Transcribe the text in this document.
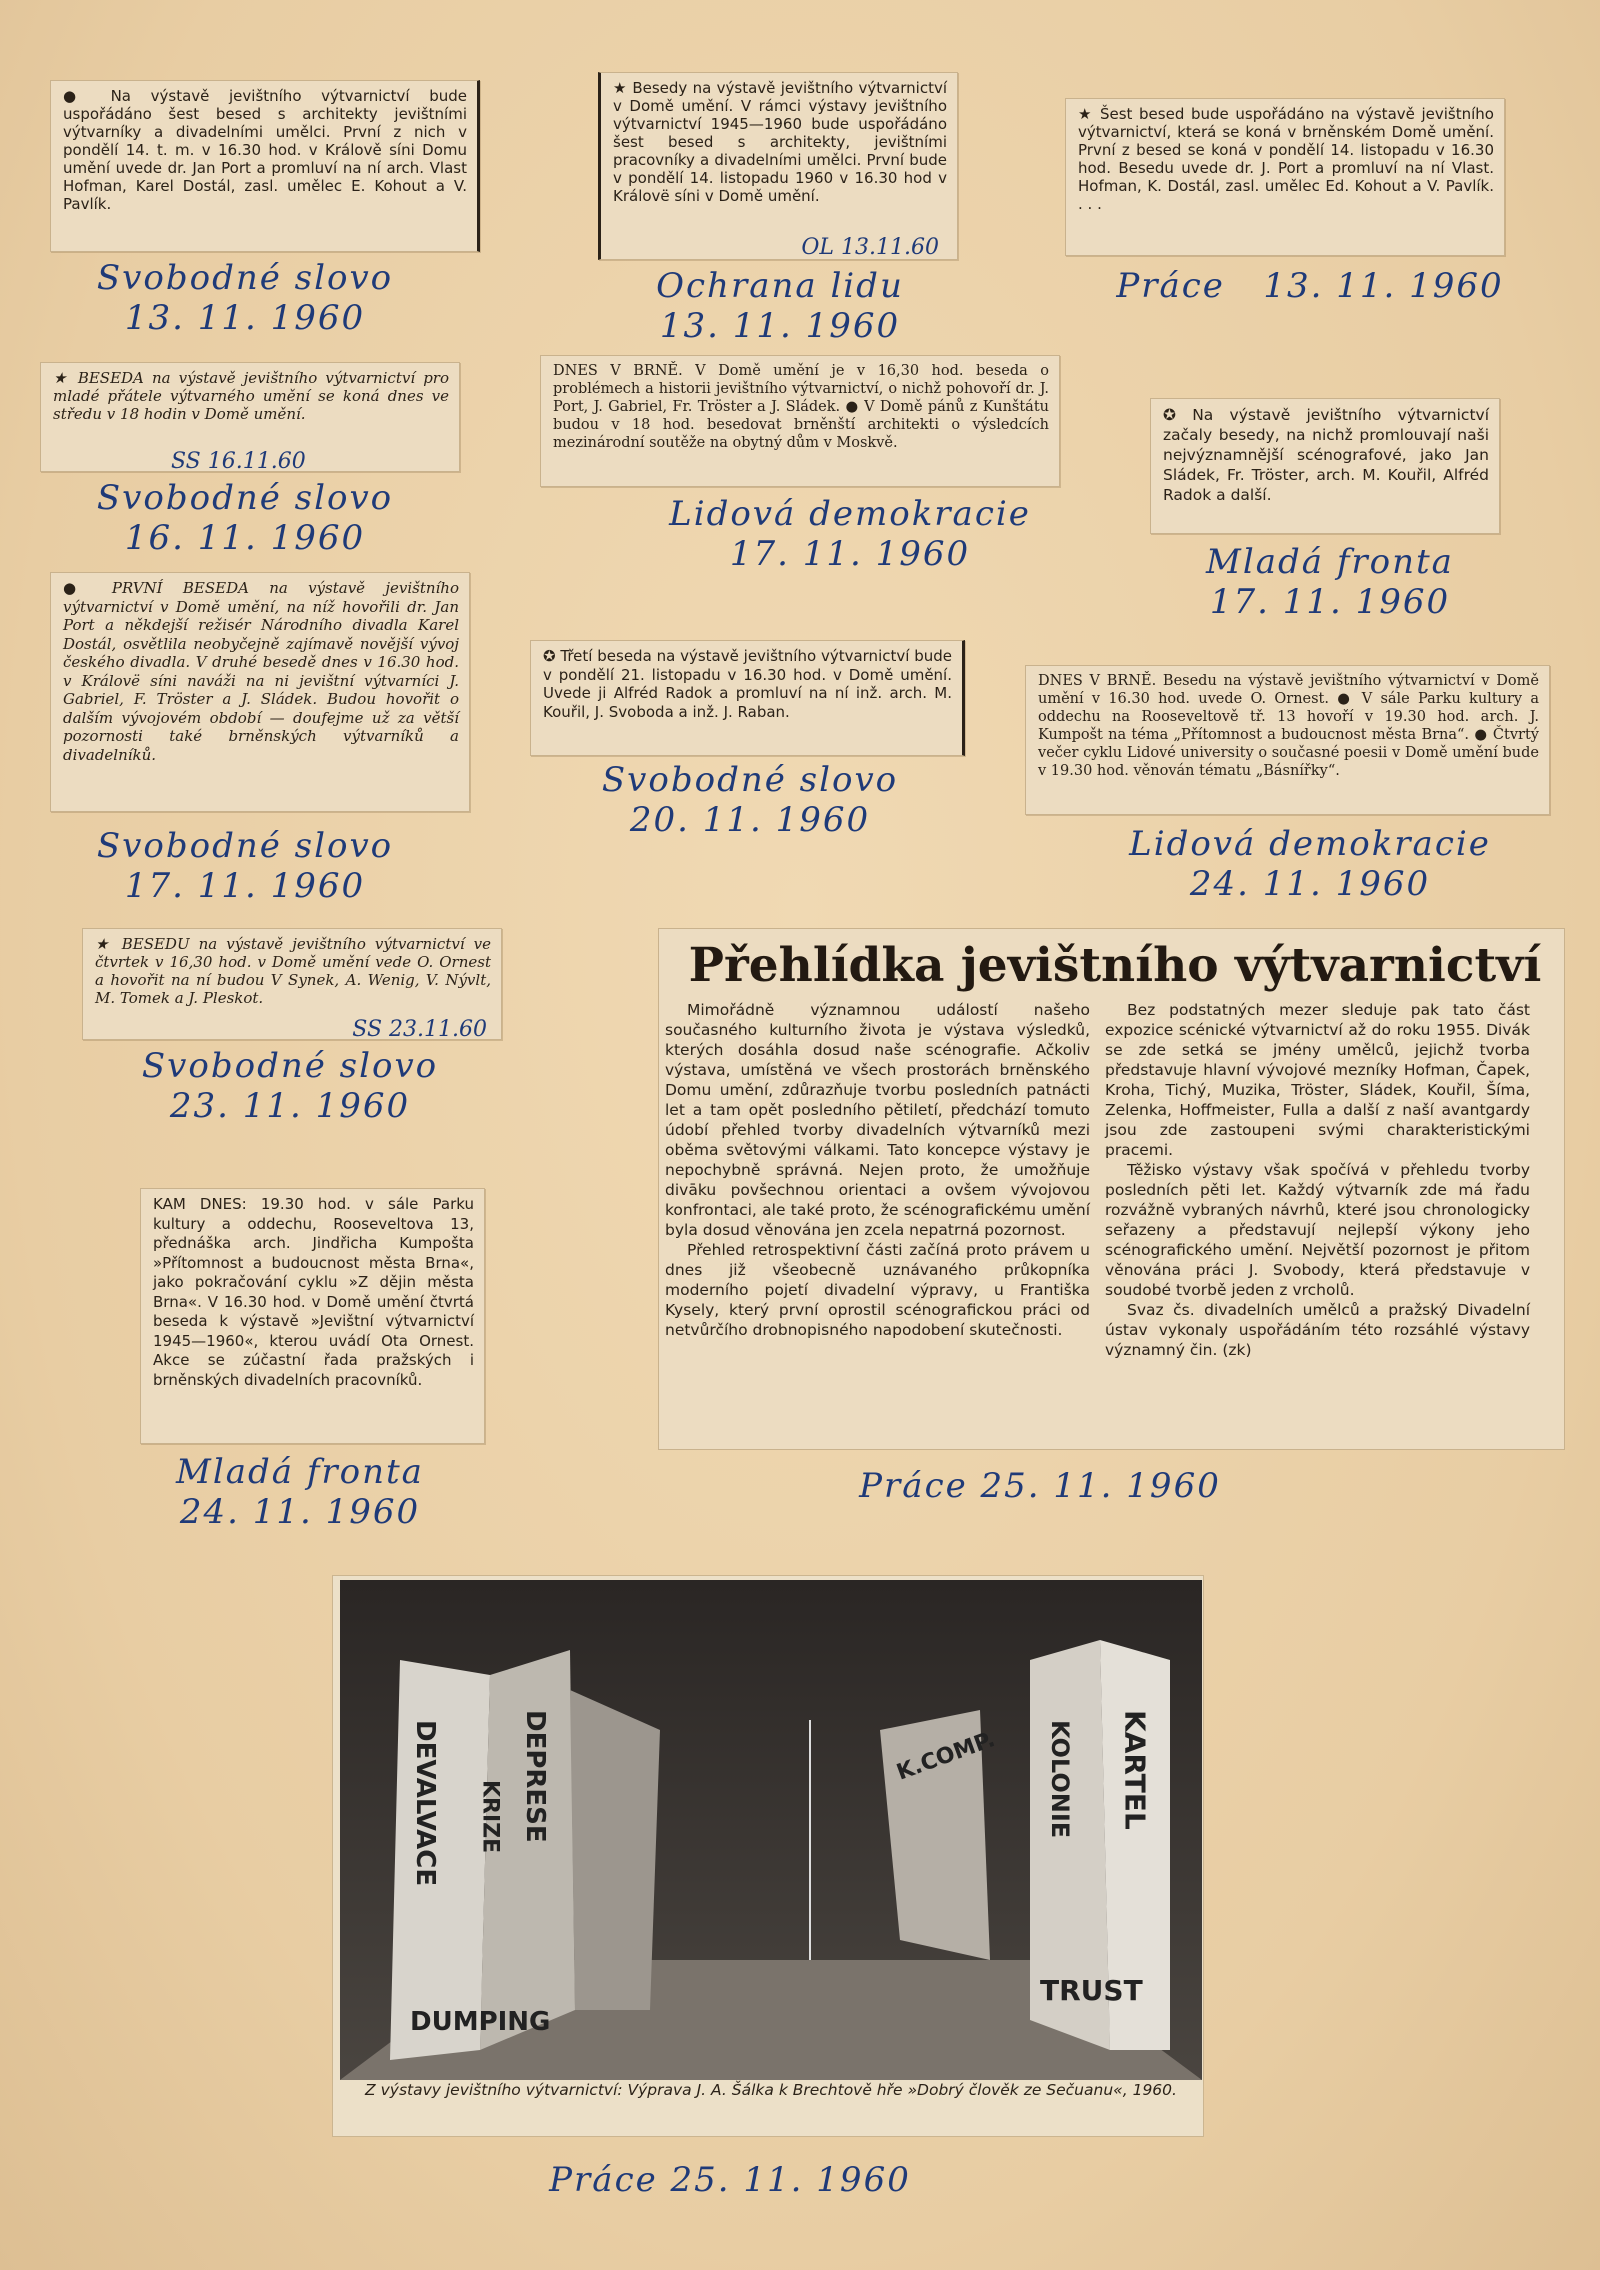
● Na výstavě jevištního výtvarnictví bude uspořádáno šest besed s architekty jevištními výtvarníky a divadelními umělci. První z nich v pondělí 14. t. m. v 16.30 hod. v Králově síni Domu umění uvede dr. Jan Port a promluví na ní arch. Vlast Hofman, Karel Dostál, zasl. umělec E. Kohout a V. Pavlík.

Svobodné slovo
13. 11. 1960

★ Besedy na výstavě jevištního výtvarnictví v Domě umění. V rámci výstavy jevištního výtvarnictví 1945—1960 bude uspořádáno šest besed s architekty, jevištními pracovníky a divadelními umělci. První bude v pondělí 14. listopadu 1960 v 16.30 hod v Královë síni v Domě umění.

OL 13.11.60
Ochrana lidu
13. 11. 1960

★ Šest besed bude uspořádáno na výstavě jevištního výtvarnictví, která se koná v brněnském Domě umění. První z besed se koná v pondělí 14. listopadu v 16.30 hod. Besedu uvede dr. J. Port a promluví na ní Vlast. Hofman, K. Dostál, zasl. umělec Ed. Kohout a V. Pavlík. . . .

Práce 13. 11. 1960

★ BESEDA na výstavě jevištního výtvarnictví pro mladé přátele výtvarného umění se koná dnes ve středu v 18 hodin v Domě umění.

SS 16.11.60
Svobodné slovo
16. 11. 1960

DNES V BRNĚ. V Domě umění je v 16,30 hod. beseda o problémech a historii jevištního výtvarnictví, o nichž pohovoří dr. J. Port, J. Gabriel, Fr. Tröster a J. Sládek. ● V Domě pánů z Kunštátu budou v 18 hod. besedovat brněnští architekti o výsledcích mezinárodní soutěže na obytný dům v Moskvě.

Lidová demokracie
17. 11. 1960

✪ Na výstavě jevištního výtvarnictví začaly besedy, na nichž promlouvají naši nejvýznamnější scénografové, jako Jan Sládek, Fr. Tröster, arch. M. Kouřil, Alfréd Radok a další.

Mladá fronta
17. 11. 1960

● PRVNÍ BESEDA na výstavě jevištního výtvarnictví v Domě umění, na níž hovořili dr. Jan Port a někdejší režisér Národního divadla Karel Dostál, osvětlila neobyčejně zajímavě novější vývoj českého divadla. V druhé besedě dnes v 16.30 hod. v Královë síni naváži na ni jevištní výtvarníci J. Gabriel, F. Tröster a J. Sládek. Budou hovořit o dalším vývojovém období — doufejme už za větší pozornosti také brněnských výtvarníků a divadelníků.

Svobodné slovo
17. 11. 1960

✪ Třetí beseda na výstavě jevištního výtvarnictví bude v pondělí 21. listopadu v 16.30 hod. v Domě umění. Uvede ji Alfréd Radok a promluví na ní inž. arch. M. Kouřil, J. Svoboda a inž. J. Raban.

Svobodné slovo
20. 11. 1960

DNES V BRNĚ. Besedu na výstavě jevištního výtvarnictví v Domě umění v 16.30 hod. uvede O. Ornest. ● V sále Parku kultury a oddechu na Rooseveltově tř. 13 hovoří v 19.30 hod. arch. J. Kumpošt na téma „Přítomnost a budoucnost města Brna“. ● Čtvrtý večer cyklu Lidové university o současné poesii v Domě umění bude v 19.30 hod. věnován tématu „Básnířky“.

Lidová demokracie
24. 11. 1960

★ BESEDU na výstavě jevištního výtvarnictví ve čtvrtek v 16,30 hod. v Domě umění vede O. Ornest a hovořit na ní budou V Synek, A. Wenig, V. Nývlt, M. Tomek a J. Pleskot.

SS 23.11.60
Svobodné slovo
23. 11. 1960

KAM DNES: 19.30 hod. v sále Parku kultury a oddechu, Rooseveltova 13, přednáška arch. Jindřicha Kumpošta »Přítomnost a budoucnost města Brna«, jako pokračování cyklu »Z dějin města Brna«. V 16.30 hod. v Domě umění čtvrtá beseda k výstavě »Jevištní výtvarnictví 1945—1960«, kterou uvádí Ota Ornest. Akce se zúčastní řada pražských i brněnských divadelních pracovníků.

Mladá fronta
24. 11. 1960
Přehlídka jevištního výtvarnictví

Mimořádně významnou událostí našeho současného kulturního života je výstava výsledků, kterých dosáhla dosud naše scénografie. Ačkoliv výstava, umístěná ve všech prostorách brněnského Domu umění, zdůrazňuje tvorbu posledních patnácti let a tam opět posledního pětiletí, předchází tomuto údobí přehled tvorby divadelních výtvarníků mezi oběma světovými válkami. Tato koncepce výstavy je nepochybně správná. Nejen proto, že umožňuje divāku povšechnou orientaci a ovšem vývojovou konfrontaci, ale také proto, že scénografickému umění byla dosud věnována jen zcela nepatrná pozornost.

Přehled retrospektivní části začíná proto právem u dnes již všeobecně uznávaného průkopníka moderního pojetí divadelní výpravy, u Františka Kysely, který první oprostil scénografickou práci od netvůrčího drobnopisného napodobení skutečnosti.

Bez podstatných mezer sleduje pak tato část expozice scénické výtvarnictví až do roku 1955. Divák se zde setká se jmény umělců, jejichž tvorba představuje hlavní vývojové mezníky Hofman, Čapek, Kroha, Tichý, Muzika, Tröster, Sládek, Kouřil, Šíma, Zelenka, Hoffmeister, Fulla a další z naší avantgardy jsou zde zastoupeni svými charakteristickými pracemi.

Těžisko výstavy však spočívá v přehledu tvorby posledních pěti let. Každý výtvarník zde má řadu rozvážně vybraných návrhů, které jsou chronologicky seřazeny a představují nejlepší výkony jeho scénografického umění. Největší pozornost je přitom věnována práci J. Svobody, která představuje v soudobé tvorbě jeden z vrcholů.

Svaz čs. divadelních umělců a pražský Divadelní ústav vykonaly uspořádáním této rozsáhlé výstavy významný čin. (zk)

Práce 25. 11. 1960
DEVALVACE	DEPRESE
KRIZE
DUMPING
KARTEL
KOLONIE
TRUST
K.COMP.
Z výstavy jevištního výtvarnictví: Výprava J. A. Šálka k Brechtově hře »Dobrý člověk ze Sečuanu«, 1960.
Práce 25. 11. 1960
